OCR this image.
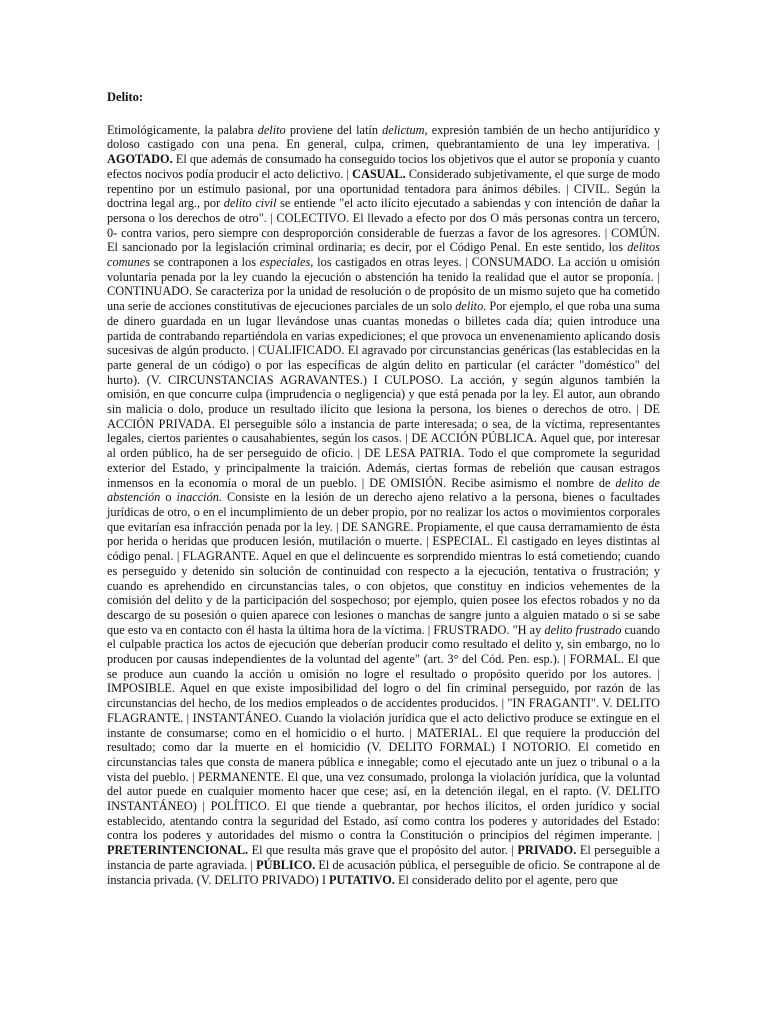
Delito:

Etimológicamente, la palabra delito proviene del latín delictum, expresión también de un hecho antijurídico y doloso castigado con una pena. En general, culpa, crimen, quebrantamiento de una ley imperativa. | AGOTADO. El que además de consumado ha conseguido tocios los objetivos que el autor se proponía y cuanto efectos nocivos podía producir el acto delictivo. | CASUAL. Considerado subjetivamente, el que surge de modo repentino por un estímulo pasional, por una oportunidad tentadora para ánimos débiles. | CIVIL. Según la doctrina legal arg., por delito civil se entiende "el acto ilícito ejecutado a sabiendas y con intención de dañar la persona o los derechos de otro". | COLECTIVO. El llevado a efecto por dos O más personas contra un tercero, 0- contra varios, pero siempre con desproporción considerable de fuerzas a favor de los agresores. | COMÚN. El sancionado por la legislación criminal ordinaria; es decir, por el Código Penal. En este sentido, los delitos comunes se contraponen a los especiales, los castigados en otras leyes. | CONSUMADO. La acción u omisión voluntaria penada por la ley cuando la ejecución o abstención ha tenido la realidad que el autor se proponía. | CONTINUADO. Se caracteriza por la unidad de resolución o de propósito de un mismo sujeto que ha cometido una serie de acciones constitutivas de ejecuciones parciales de un solo delito. Por ejemplo, el que roba una suma de dinero guardada en un lugar llevándose unas cuantas monedas o billetes cada día; quien introduce una partida de contrabando repartiéndola en varias expediciones; el que provoca un envenenamiento aplicando dosis sucesivas de algún producto. | CUALIFICADO. El agravado por circunstancias genéricas (las establecidas en la parte general de un código) o por las específicas de algún delito en particular (el carácter "doméstico" del hurto). (V. CIRCUNSTANCIAS AGRAVANTES.) I CULPOSO. La acción, y según algunos también la omisión, en que concurre culpa (imprudencia o negligencia) y que está penada por la ley. El autor, aun obrando sin malicia o dolo, produce un resultado ilícito que lesiona la persona, los bienes o derechos de otro. | DE ACCIÓN PRIVADA. El perseguible sólo a instancia de parte interesada; o sea, de la víctima, representantes legales, ciertos parientes o causahabientes, según los casos. | DE ACCIÓN PÚBLICA. Aquel que, por interesar al orden público, ha de ser perseguido de oficio. | DE LESA PATRIA. Todo el que compromete la seguridad exterior del Estado, y principalmente la traición. Además, ciertas formas de rebelión que causan estragos inmensos en la economía o moral de un pueblo. | DE OMISIÓN. Recibe asimismo el nombre de delito de abstención o inacción. Consiste en la lesión de un derecho ajeno relativo a la persona, bienes o facultades jurídicas de otro, o en el incumplimiento de un deber propio, por no realizar los actos o movimientos corporales que evitarían esa infracción penada por la ley. | DE SANGRE. Propiamente, el que causa derramamiento de ésta por herida o heridas que producen lesión, mutilación o muerte. | ESPECIAL. El castigado en leyes distintas al código penal. | FLAGRANTE. Aquel en que el delincuente es sorprendido mientras lo está cometiendo; cuando es perseguido y detenido sin solución de continuidad con respecto a la ejecución, tentativa o frustración; y cuando es aprehendido en circunstancias tales, o con objetos, que constituy en indicios vehementes de la comisión del delito y de la participación del sospechoso; por ejemplo, quien posee los efectos robados y no da descargo de su posesión o quien aparece con lesiones o manchas de sangre junto a alguien matado o si se sabe que esto va en contacto con él hasta la última hora de la víctima. | FRUSTRADO. "H ay delito frustrado cuando el culpable practica los actos de ejecución que deberían producir como resultado el delito y, sin embargo, no lo producen por causas independientes de la voluntad del agente" (art. 3° del Cód. Pen. esp.). | FORMAL. El que se produce aun cuando la acción u omisión no logre el resultado o propósito querido por los autores. | IMPOSIBLE. Aquel en que existe imposibilidad del logro o del fin criminal perseguido, por razón de las circunstancias del hecho, de los medios empleados o de accidentes producidos. | "IN FRAGANTI". V. DELITO FLAGRANTE. | INSTANTÁNEO. Cuando la violación jurídica que el acto delictivo produce se extingue en el instante de consumarse; como en el homicidio o el hurto. | MATERIAL. El que requiere la producción del resultado; como dar la muerte en el homicidio (V. DELITO FORMAL) I NOTORIO. El cometido en circunstancias tales que consta de manera pública e innegable; como el ejecutado ante un juez o tribunal o a la vista del pueblo. | PERMANENTE. El que, una vez consumado, prolonga la violación jurídica, que la voluntad del autor puede en cualquier momento hacer que cese; así, en la detención ilegal, en el rapto. (V. DELITO INSTANTÁNEO) | POLÍTICO. El que tiende a quebrantar, por hechos ilícitos, el orden jurídico y social establecido, atentando contra la seguridad del Estado, así como contra los poderes y autoridades del Estado: contra los poderes y autoridades del mismo o contra la Constitución o principios del régimen imperante. | PRETERINTENCIONAL. El que resulta más grave que el propósito del autor. | PRIVADO. El perseguible a instancia de parte agraviada. | PÚBLICO. El de acusación pública, el perseguible de oficio. Se contrapone al de instancia privada. (V. DELITO PRIVADO) I PUTATIVO. El considerado delito por el agente, pero que
